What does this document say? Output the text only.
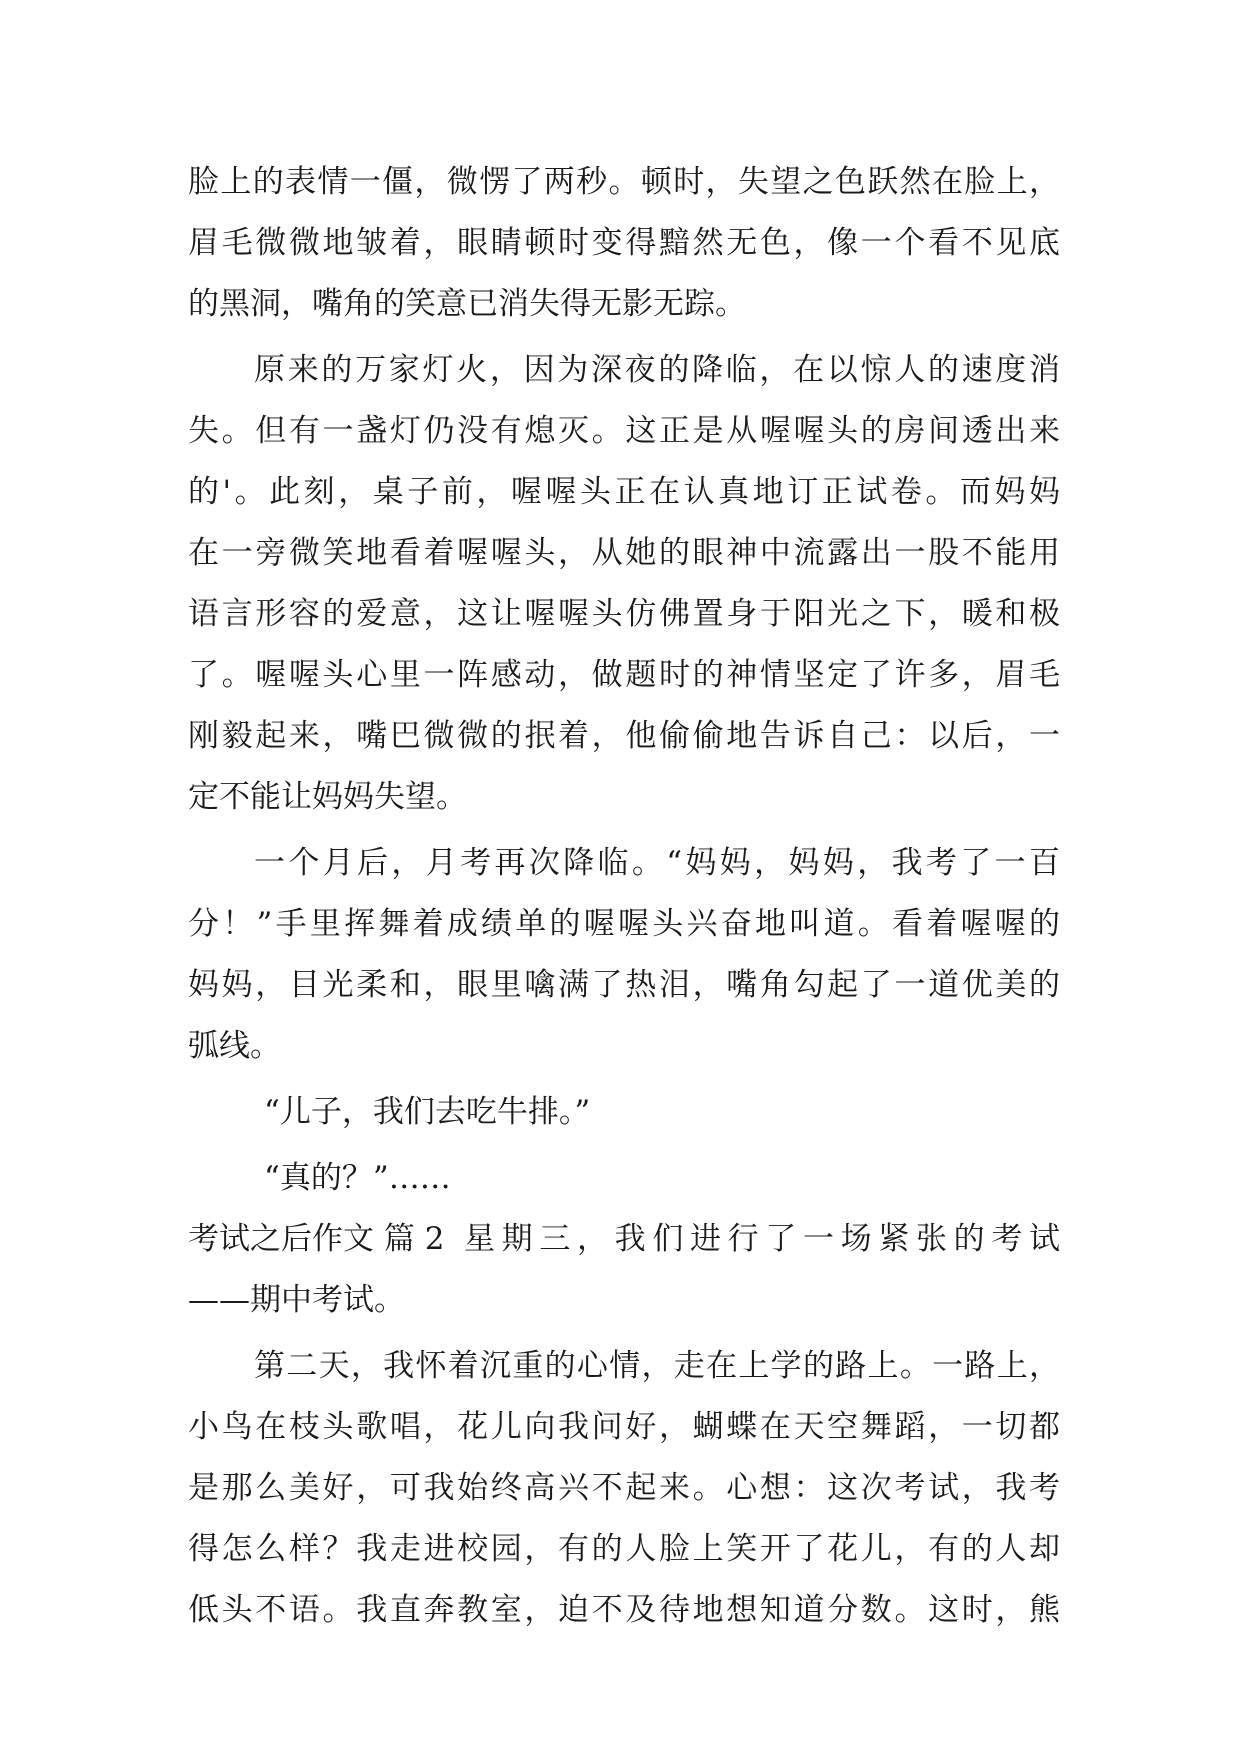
脸上的表情一僵，微愣了两秒。顿时，失望之色跃然在脸上，
眉毛微微地皱着，眼睛顿时变得黯然无色，像一个看不见底
的黑洞，嘴角的笑意已消失得无影无踪。
原来的万家灯火，因为深夜的降临，在以惊人的速度消
失。但有一盏灯仍没有熄灭。这正是从喔喔头的房间透出来
的'。此刻，桌子前，喔喔头正在认真地订正试卷。而妈妈
在一旁微笑地看着喔喔头，从她的眼神中流露出一股不能用
语言形容的爱意，这让喔喔头仿佛置身于阳光之下，暖和极
了。喔喔头心里一阵感动，做题时的神情坚定了许多，眉毛
刚毅起来，嘴巴微微的抿着，他偷偷地告诉自己：以后，一
定不能让妈妈失望。
一个月后，月考再次降临。“妈妈，妈妈，我考了一百
分！”手里挥舞着成绩单的喔喔头兴奋地叫道。看着喔喔的
妈妈，目光柔和，眼里噙满了热泪，嘴角勾起了一道优美的
弧线。
“儿子，我们去吃牛排。”
“真的？”……
考试之后作文 篇 2 星期三，我们进行了一场紧张的考试
——期中考试。
第二天，我怀着沉重的心情，走在上学的路上。一路上，
小鸟在枝头歌唱，花儿向我问好，蝴蝶在天空舞蹈，一切都
是那么美好，可我始终高兴不起来。心想：这次考试，我考
得怎么样？我走进校园，有的人脸上笑开了花儿，有的人却
低头不语。我直奔教室，迫不及待地想知道分数。这时，熊
